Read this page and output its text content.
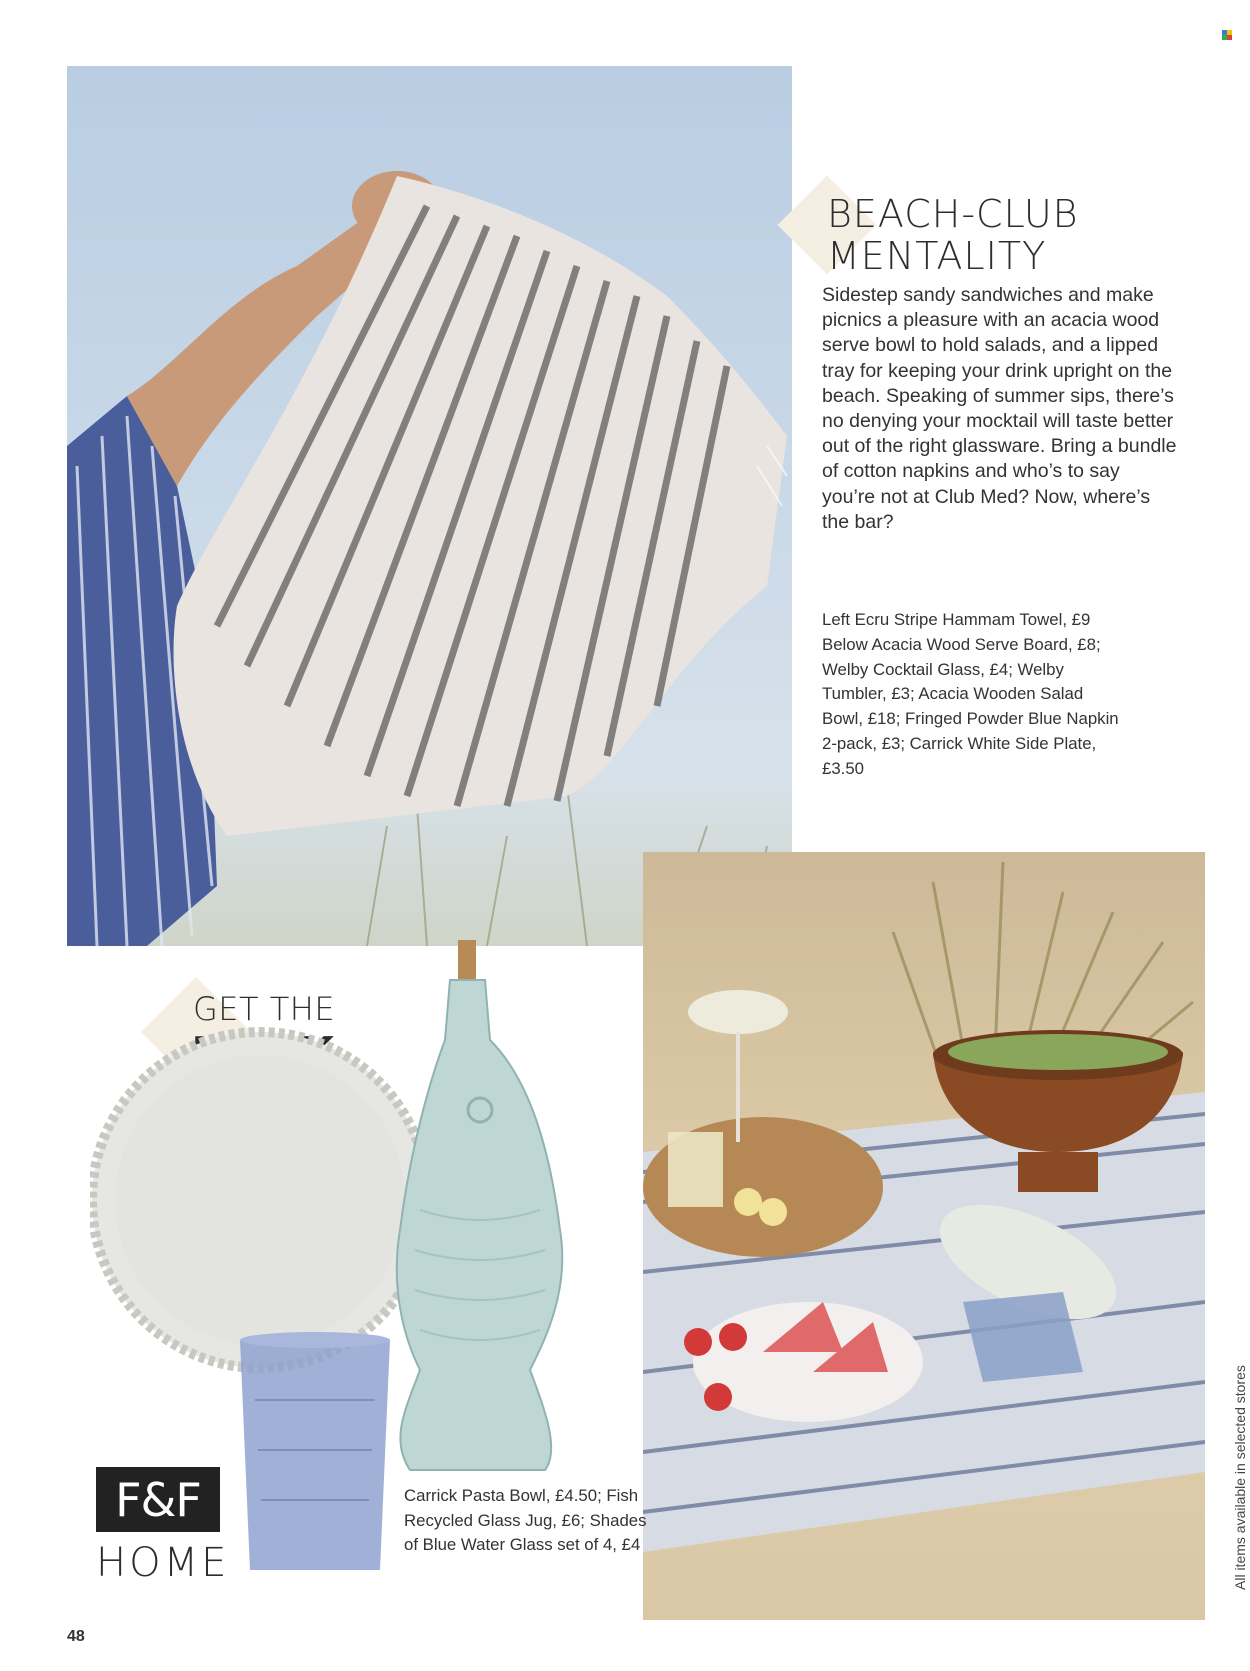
BEACH-CLUB
MENTALITY
Sidestep sandy sandwiches and make picnics a pleasure with an acacia wood serve bowl to hold salads, and a lipped tray for keeping your drink upright on the beach. Speaking of summer sips, there’s no denying your mocktail will taste better out of the right glassware. Bring a bundle of cotton napkins and who’s to say you’re not at Club Med? Now, where’s the bar?
Left Ecru Stripe Hammam Towel, £9
Below Acacia Wood Serve Board, £8; Welby Cocktail Glass, £4; Welby Tumbler, £3; Acacia Wooden Salad Bowl, £18; Fringed Powder Blue Napkin 2-pack, £3; Carrick White Side Plate, £3.50
GET THE
Carrick Pasta Bowl, £4.50; Fish Recycled Glass Jug, £6; Shades of Blue Water Glass set of 4, £4
F&F
HOME	All items available in selected stores
48
